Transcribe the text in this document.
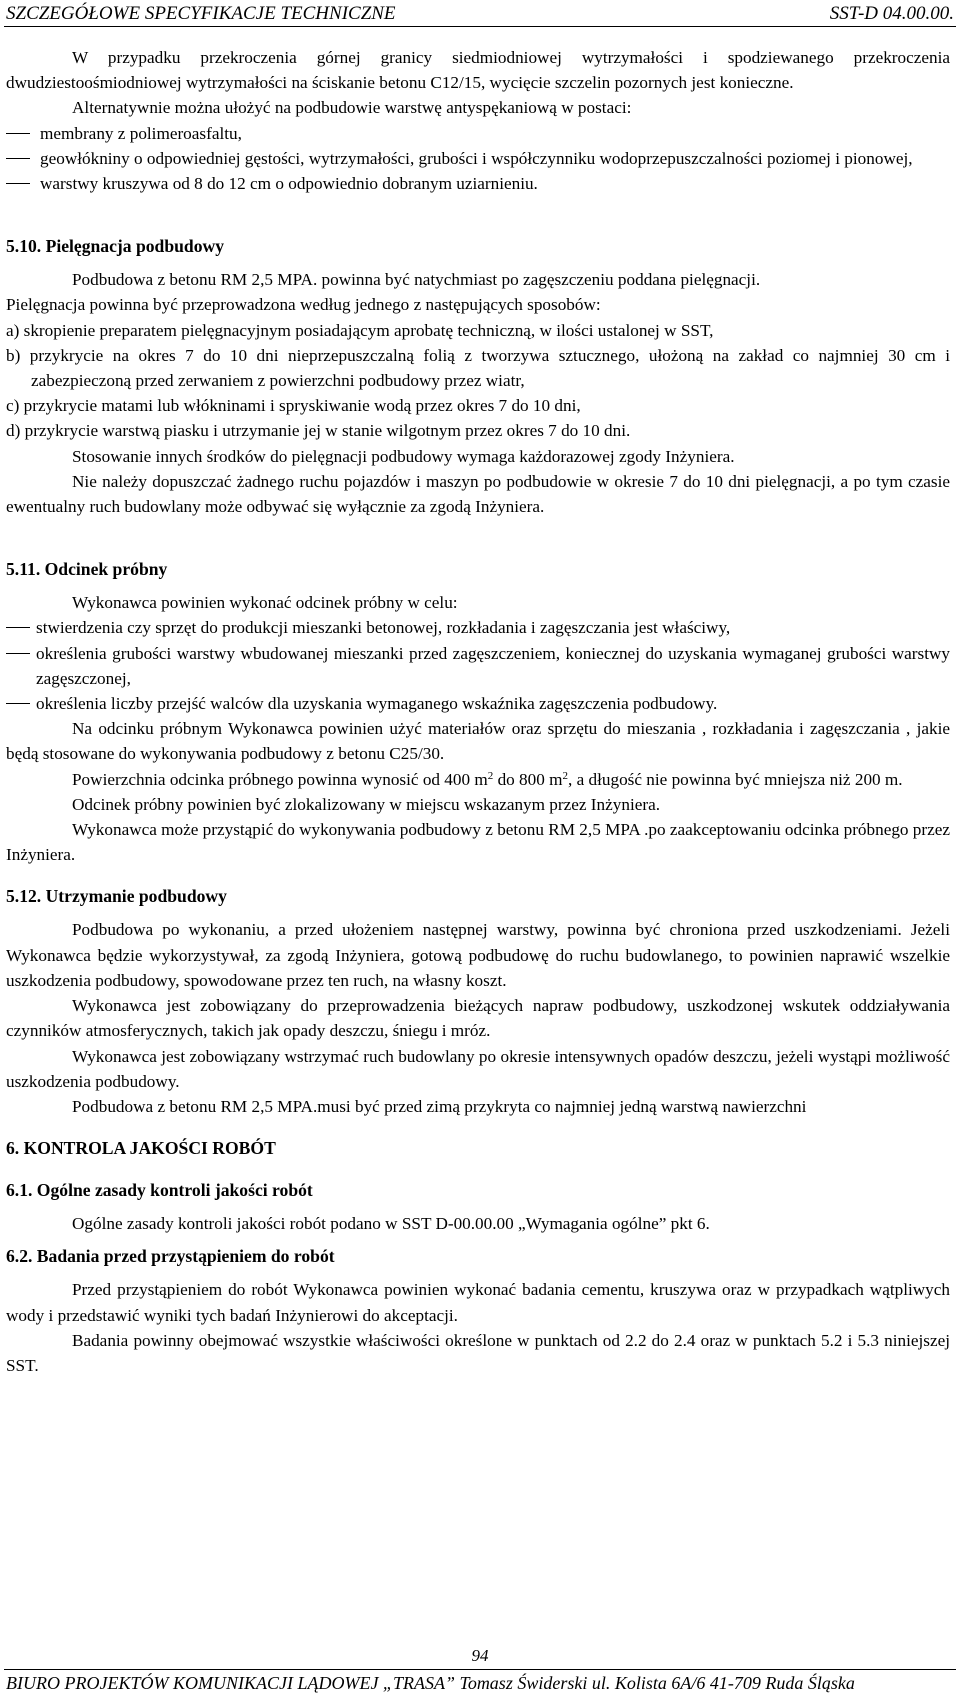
SZCZEGÓŁOWE SPECYFIKACJE TECHNICZNE	SST-D 04.00.00.

W przypadku przekroczenia górnej granicy siedmiodniowej wytrzymałości i spodziewanego przekroczenia dwudziestoośmiodniowej wytrzymałości na ściskanie betonu C12/15, wycięcie szczelin pozornych jest konieczne.

Alternatywnie można ułożyć na podbudowie warstwę antyspękaniową w postaci:

membrany z polimeroasfaltu,

geowłókniny o odpowiedniej gęstości, wytrzymałości, grubości i współczynniku wodoprzepuszczalności poziomej i pionowej,

warstwy kruszywa od 8 do 12 cm o odpowiednio dobranym uziarnieniu.

5.10. Pielęgnacja podbudowy

Podbudowa z betonu RM 2,5 MPA. powinna być natychmiast po zagęszczeniu poddana pielęgnacji.

Pielęgnacja powinna być przeprowadzona według jednego z następujących sposobów:

a) skropienie preparatem pielęgnacyjnym posiadającym aprobatę techniczną, w ilości ustalonej w SST,

b) przykrycie na okres 7 do 10 dni nieprzepuszczalną folią z tworzywa sztucznego, ułożoną na zakład co najmniej 30 cm i zabezpieczoną przed zerwaniem z powierzchni podbudowy przez wiatr,

c) przykrycie matami lub włókninami i spryskiwanie wodą przez okres 7 do 10 dni,

d) przykrycie warstwą piasku i utrzymanie jej w stanie wilgotnym przez okres 7 do 10 dni.

Stosowanie innych środków do pielęgnacji podbudowy wymaga każdorazowej zgody Inżyniera.

Nie należy dopuszczać żadnego ruchu pojazdów i maszyn po podbudowie w okresie 7 do 10 dni pielęgnacji, a po tym czasie ewentualny ruch budowlany może odbywać się wyłącznie za zgodą Inżyniera.

5.11. Odcinek próbny

Wykonawca powinien wykonać odcinek próbny w celu:

stwierdzenia czy sprzęt do produkcji mieszanki betonowej, rozkładania i zagęszczania jest właściwy,

określenia grubości warstwy wbudowanej mieszanki przed zagęszczeniem, koniecznej do uzyskania wymaganej grubości warstwy zagęszczonej,

określenia liczby przejść walców dla uzyskania wymaganego wskaźnika zagęszczenia podbudowy.

Na odcinku próbnym Wykonawca powinien użyć materiałów oraz sprzętu do mieszania , rozkładania i zagęszczania , jakie będą stosowane do wykonywania podbudowy z betonu C25/30.

Powierzchnia odcinka próbnego powinna wynosić od 400 $m^2$ do 800 $m^2$, a długość nie powinna być mniejsza niż 200 m.

Odcinek próbny powinien być zlokalizowany w miejscu wskazanym przez Inżyniera.

Wykonawca może przystąpić do wykonywania podbudowy z betonu RM 2,5 MPA .po zaakceptowaniu odcinka próbnego przez Inżyniera.

5.12. Utrzymanie podbudowy

Podbudowa po wykonaniu, a przed ułożeniem następnej warstwy, powinna być chroniona przed uszkodzeniami. Jeżeli Wykonawca będzie wykorzystywał, za zgodą Inżyniera, gotową podbudowę do ruchu budowlanego, to powinien naprawić wszelkie uszkodzenia podbudowy, spowodowane przez ten ruch, na własny koszt.

Wykonawca jest zobowiązany do przeprowadzenia bieżących napraw podbudowy, uszkodzonej wskutek oddziaływania czynników atmosferycznych, takich jak opady deszczu, śniegu i mróz.

Wykonawca jest zobowiązany wstrzymać ruch budowlany po okresie intensywnych opadów deszczu, jeżeli wystąpi możliwość uszkodzenia podbudowy.

Podbudowa z betonu RM 2,5 MPA.musi być przed zimą przykryta co najmniej jedną warstwą nawierzchni

6. KONTROLA JAKOŚCI ROBÓT
6.1. Ogólne zasady kontroli jakości robót

Ogólne zasady kontroli jakości robót podano w SST D-00.00.00 „Wymagania ogólne” pkt 6.

6.2. Badania przed przystąpieniem do robót

Przed przystąpieniem do robót Wykonawca powinien wykonać badania cementu, kruszywa oraz w przypadkach wątpliwych wody i przedstawić wyniki tych badań Inżynierowi do akceptacji.

Badania powinny obejmować wszystkie właściwości określone w punktach od 2.2 do 2.4 oraz w punktach 5.2 i 5.3 niniejszej SST.

94
BIURO PROJEKTÓW KOMUNIKACJI LĄDOWEJ „TRASA” Tomasz Świderski ul. Kolista 6A/6 41-709 Ruda Śląska
